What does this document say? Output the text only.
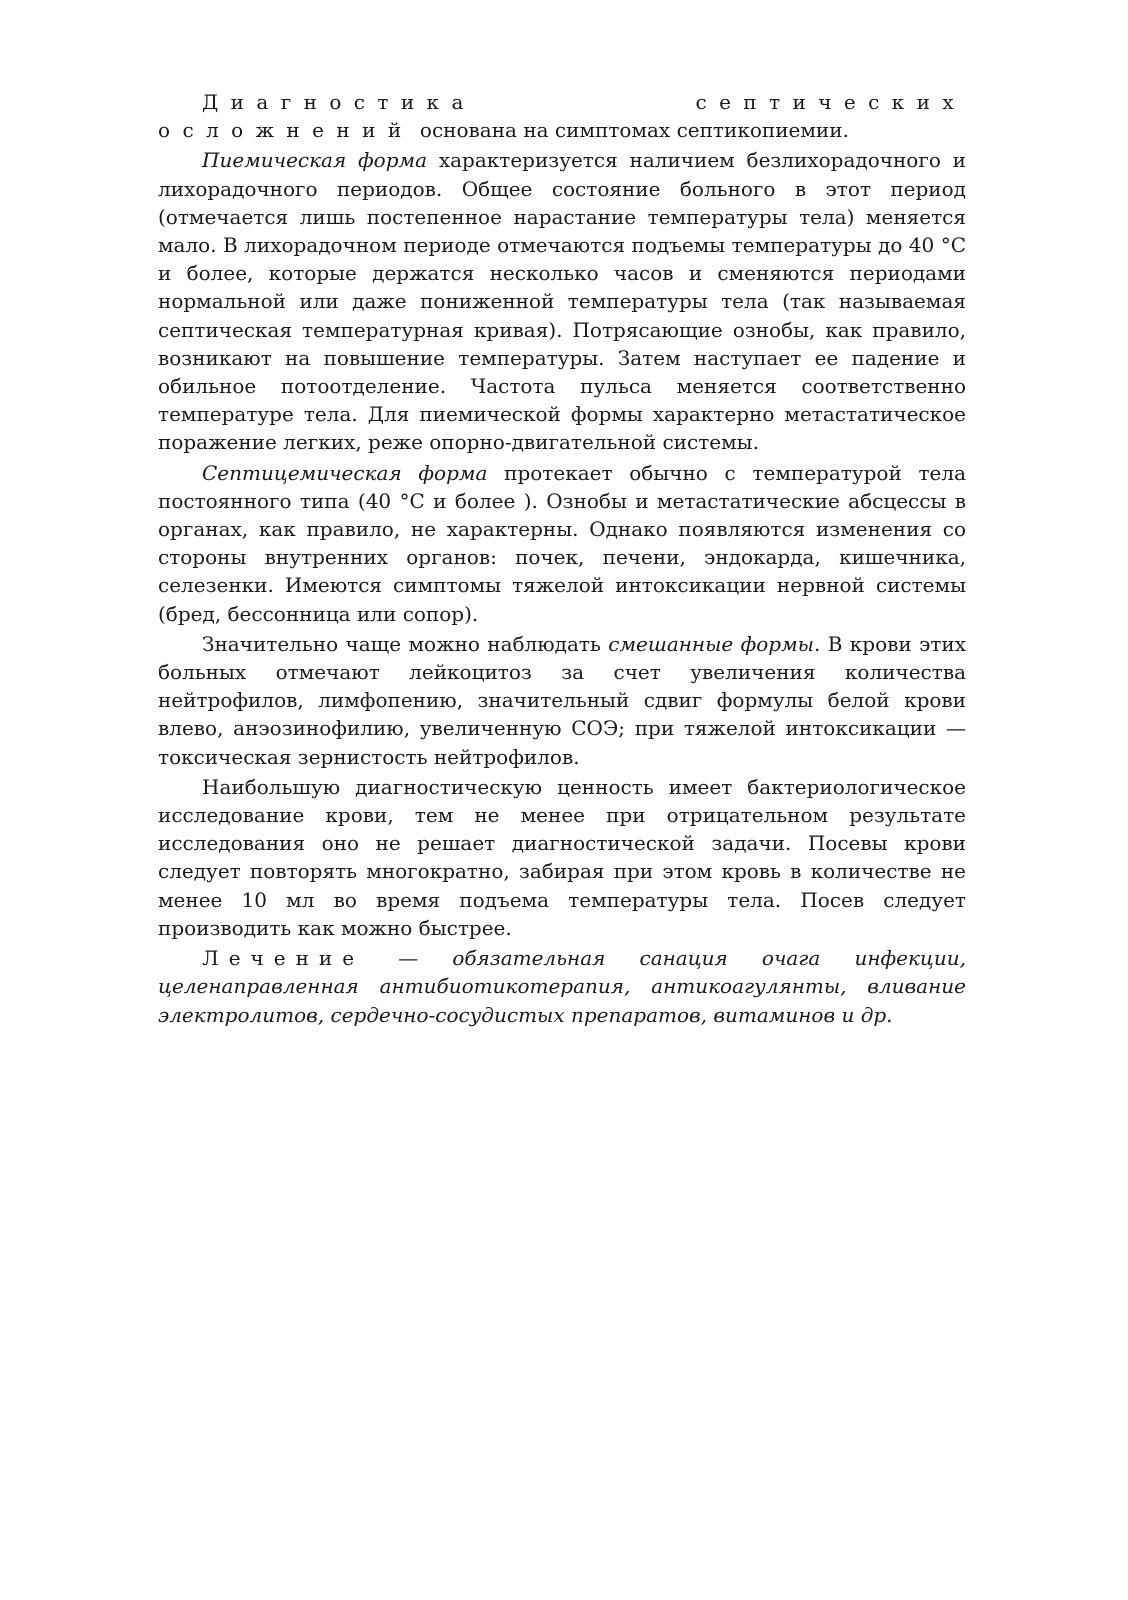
Диагностика септических осложнений основана на симптомах септикопиемии.

Пиемическая форма характеризуется наличием безлихорадочного и лихорадочного периодов. Общее состояние больного в этот период (отмечается лишь постепенное нарастание температуры тела) меняется мало. В лихорадочном периоде отмечаются подъемы температуры до 40 °С и более, которые держатся несколько часов и сменяются периодами нормальной или даже пониженной температуры тела (так называемая септическая температурная кривая). Потрясающие ознобы, как правило, возникают на повышение температуры. Затем наступает ее падение и обильное потоотделение. Частота пульса меняется соответственно температуре тела. Для пиемической формы характерно метастатическое поражение легких, реже опорно-двигательной системы.

Септицемическая форма протекает обычно с температурой тела постоянного типа (40 °С и более ). Ознобы и метастатические абсцессы в органах, как правило, не характерны. Однако появляются изменения со стороны внутренних органов: почек, печени, эндокарда, кишечника, селезенки. Имеются симптомы тяжелой интоксикации нервной системы (бред, бессонница или сопор).

Значительно чаще можно наблюдать смешанные формы. В крови этих больных отмечают лейкоцитоз за счет увеличения количества нейтрофилов, лимфопению, значительный сдвиг формулы белой крови влево, анэозинофилию, увеличенную СОЭ; при тяжелой интоксикации — токсическая зернистость нейтрофилов.

Наибольшую диагностическую ценность имеет бактериологическое исследование крови, тем не менее при отрицательном результате исследования оно не решает диагностической задачи. Посевы крови следует повторять многократно, забирая при этом кровь в количестве не менее 10 мл во время подъема температуры тела. Посев следует производить как можно быстрее.

Лечение — обязательная санация очага инфекции, целенаправленная антибиотикотерапия, антикоагулянты, вливание электролитов, сердечно-сосудистых препаратов, витаминов и др.
